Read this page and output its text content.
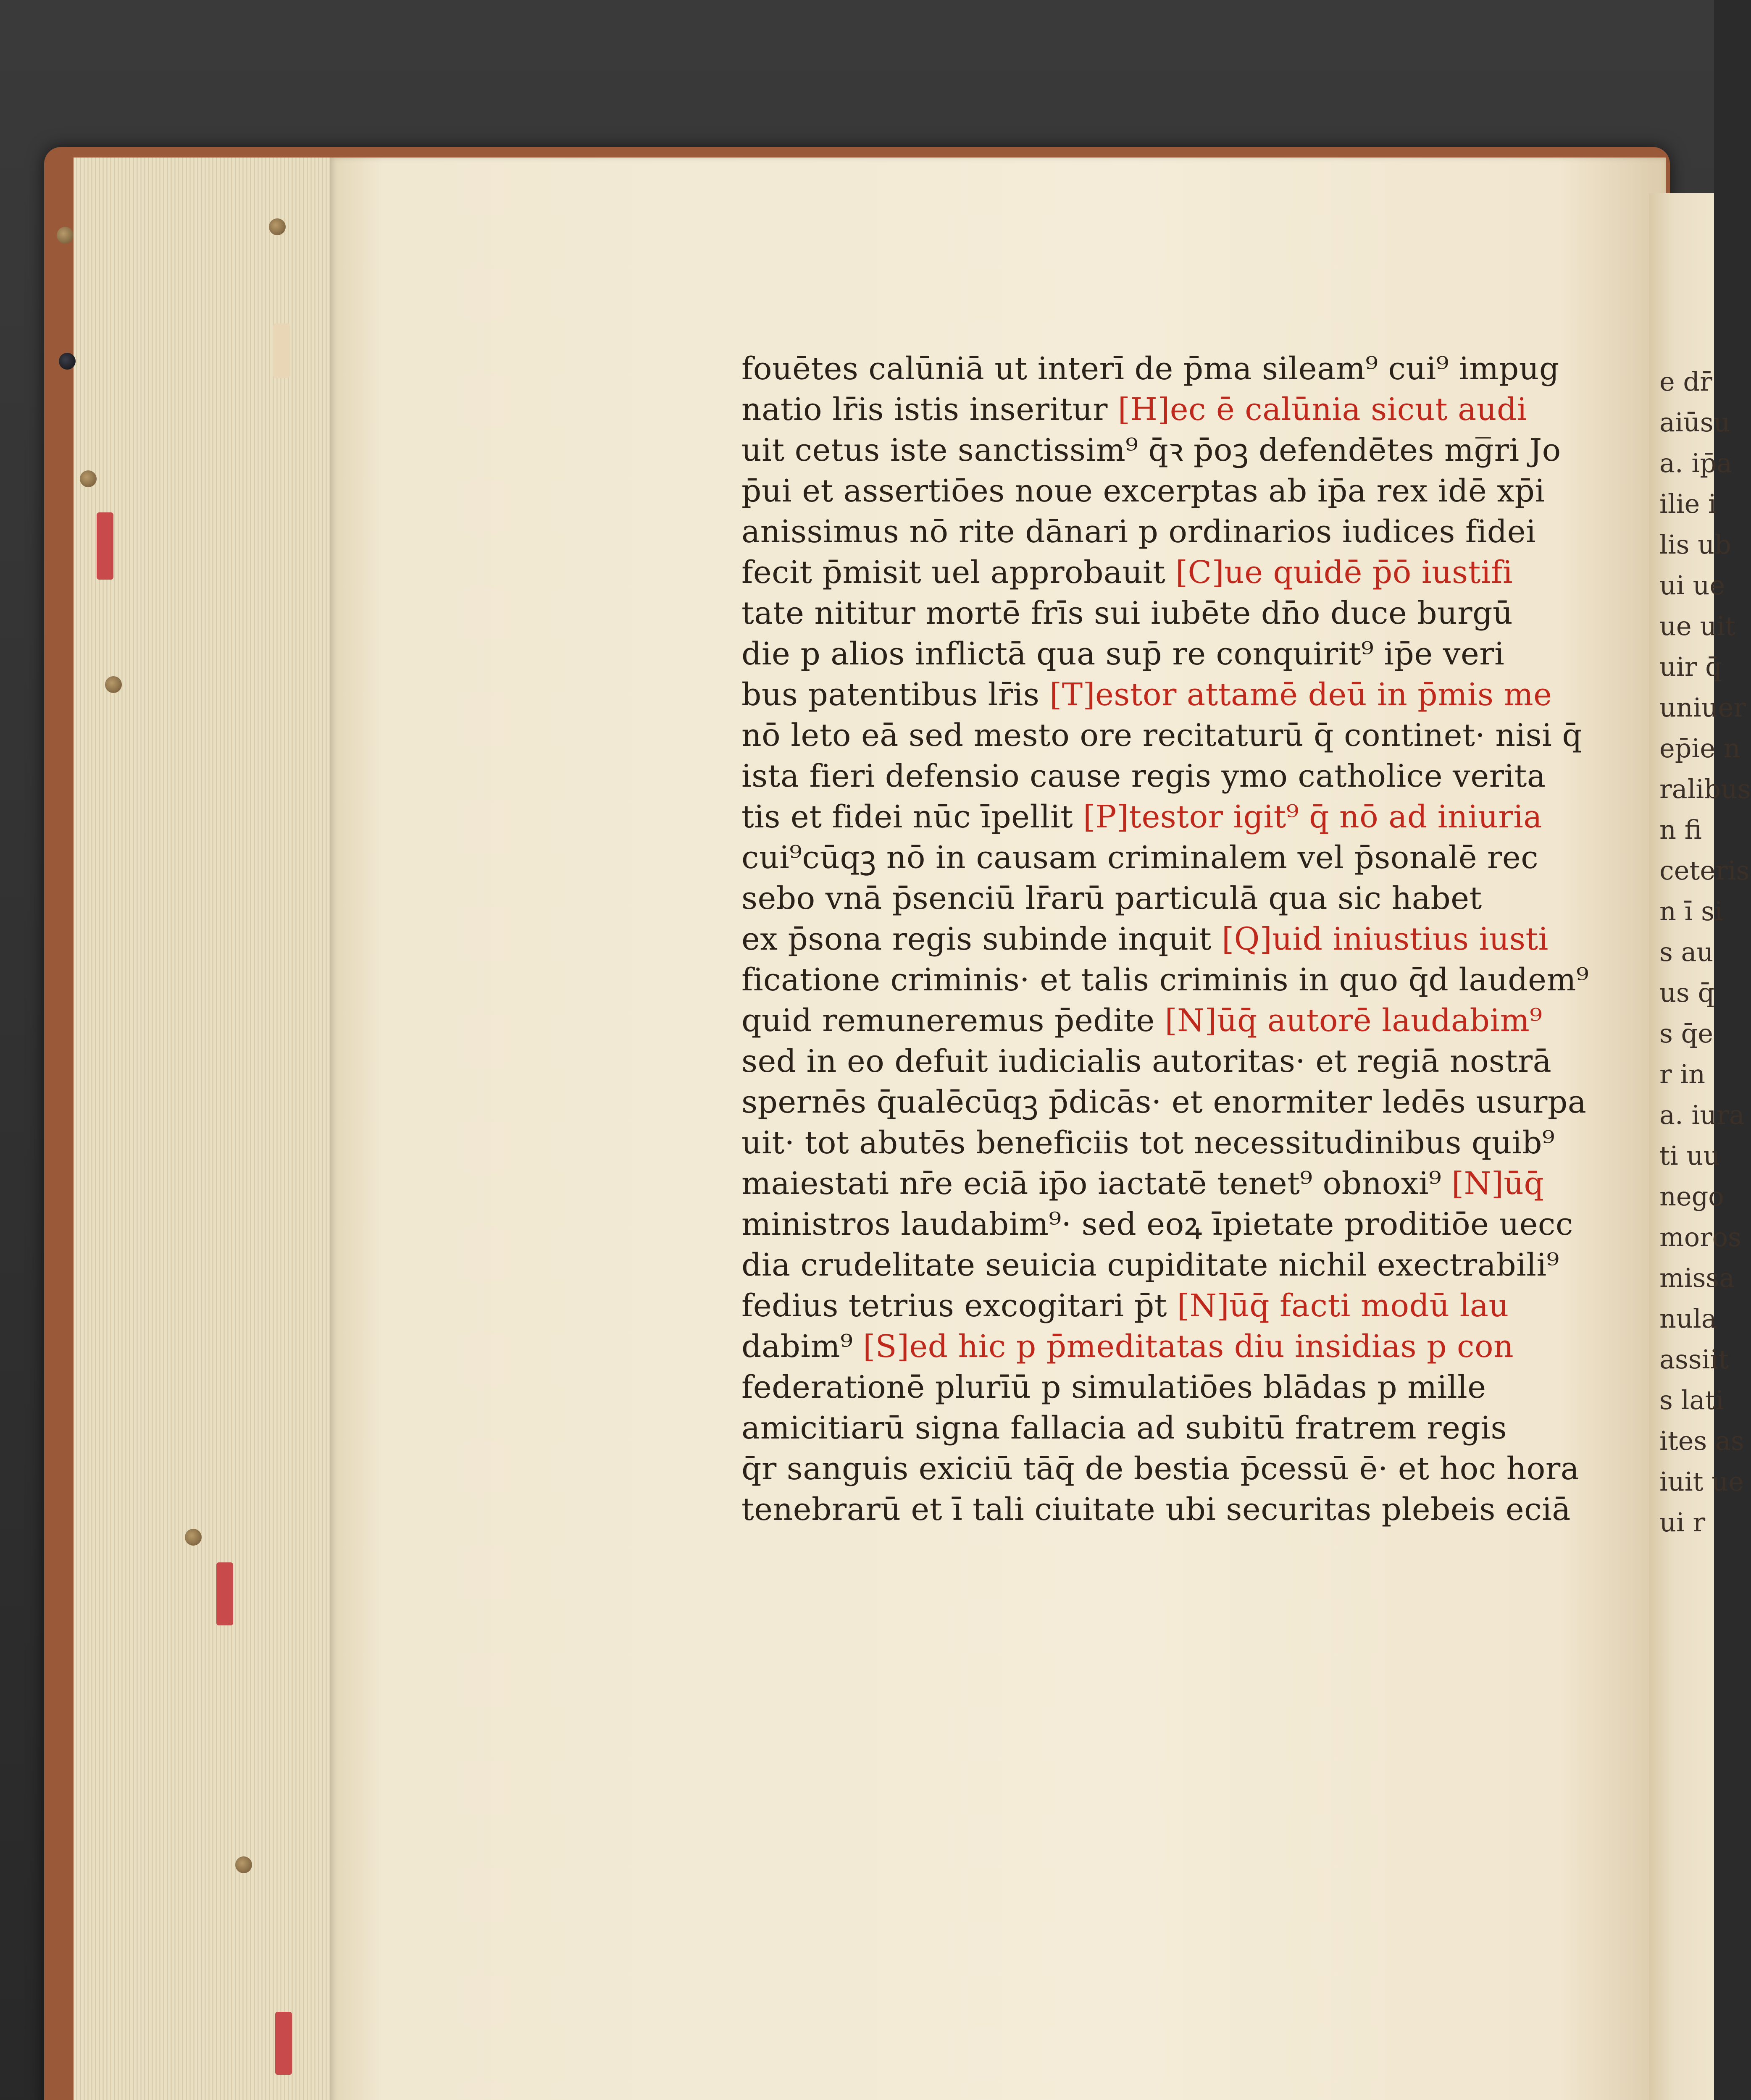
e dr̄
aiūsu
a. ip̄a
ilie i
lis ub
ui ue
ue uit
uir q̄
uniuer
ep̄ie n
ralibus
n fi
ceteris
n ī si
s au
us q̄
s q̄e
r in
a. iura
ti uu
nego
moros
missa
nula
assiit
s lati
ites as
iuit ue
ui r
fouētes calūniā ut interī de p̄ma sileam⁹ cui⁹ impug
natio lr̄is istis inseritur [H]ec ē calūnia sicut audi
uit cetus iste sanctissim⁹ q̄ꝛ p̄oꝫ defendētes mg̅ri Jo
p̄ui et assertiōes noue excerptas ab ip̄a rex idē xp̄i
anissimus nō rite dānari p ordinarios iudices fidei
fecit p̄misit uel approbauit [C]ue quidē p̄ō iustifi
tate nititur mortē frīs sui iubēte dn̄o duce burgū
die p alios inflictā qua sup̄ re conquirit⁹ ip̄e veri
bus patentibus lr̄is [T]estor attamē deū in p̄mis me
nō leto eā sed mesto ore recitaturū q̄ continet· nisi q̄
ista fieri defensio cause regis ymo catholice verita
tis et fidei nūc īpellit [P]testor igit⁹ q̄ nō ad iniuria
cui⁹cūqꝫ nō in causam criminalem vel p̄sonalē rec
sebo vnā p̄senciū lr̄arū particulā qua sic habet
ex p̄sona regis subinde inquit [Q]uid iniustius iusti
ficatione criminis· et talis criminis in quo q̄d laudem⁹
quid remuneremus p̄edite [N]ūq̄ autorē laudabim⁹
sed in eo defuit iudicialis autoritas· et regiā nostrā
spernēs q̄ualēcūqꝫ p̄dicās· et enormiter ledēs usurpa
uit· tot abutēs beneficiis tot necessitudinibus quib⁹
maiestati nr̄e eciā ip̄o iactatē tenet⁹ obnoxi⁹ [N]ūq̄
ministros laudabim⁹· sed eoꝝ īpietate proditiōe uecc
dia crudelitate seuicia cupiditate nichil exectrabili⁹
fedius tetrius excogitari p̄t [N]ūq̄ facti modū lau
dabim⁹ [S]ed hic p p̄meditatas diu insidias p con
federationē plurīū p simulatiōes blādas p mille
amicitiarū signa fallacia ad subitū fratrem regis
q̄r sanguis exiciū tāq̄ de bestia p̄cessū ē· et hoc hora
tenebrarū et ī tali ciuitate ubi securitas plebeis eciā
